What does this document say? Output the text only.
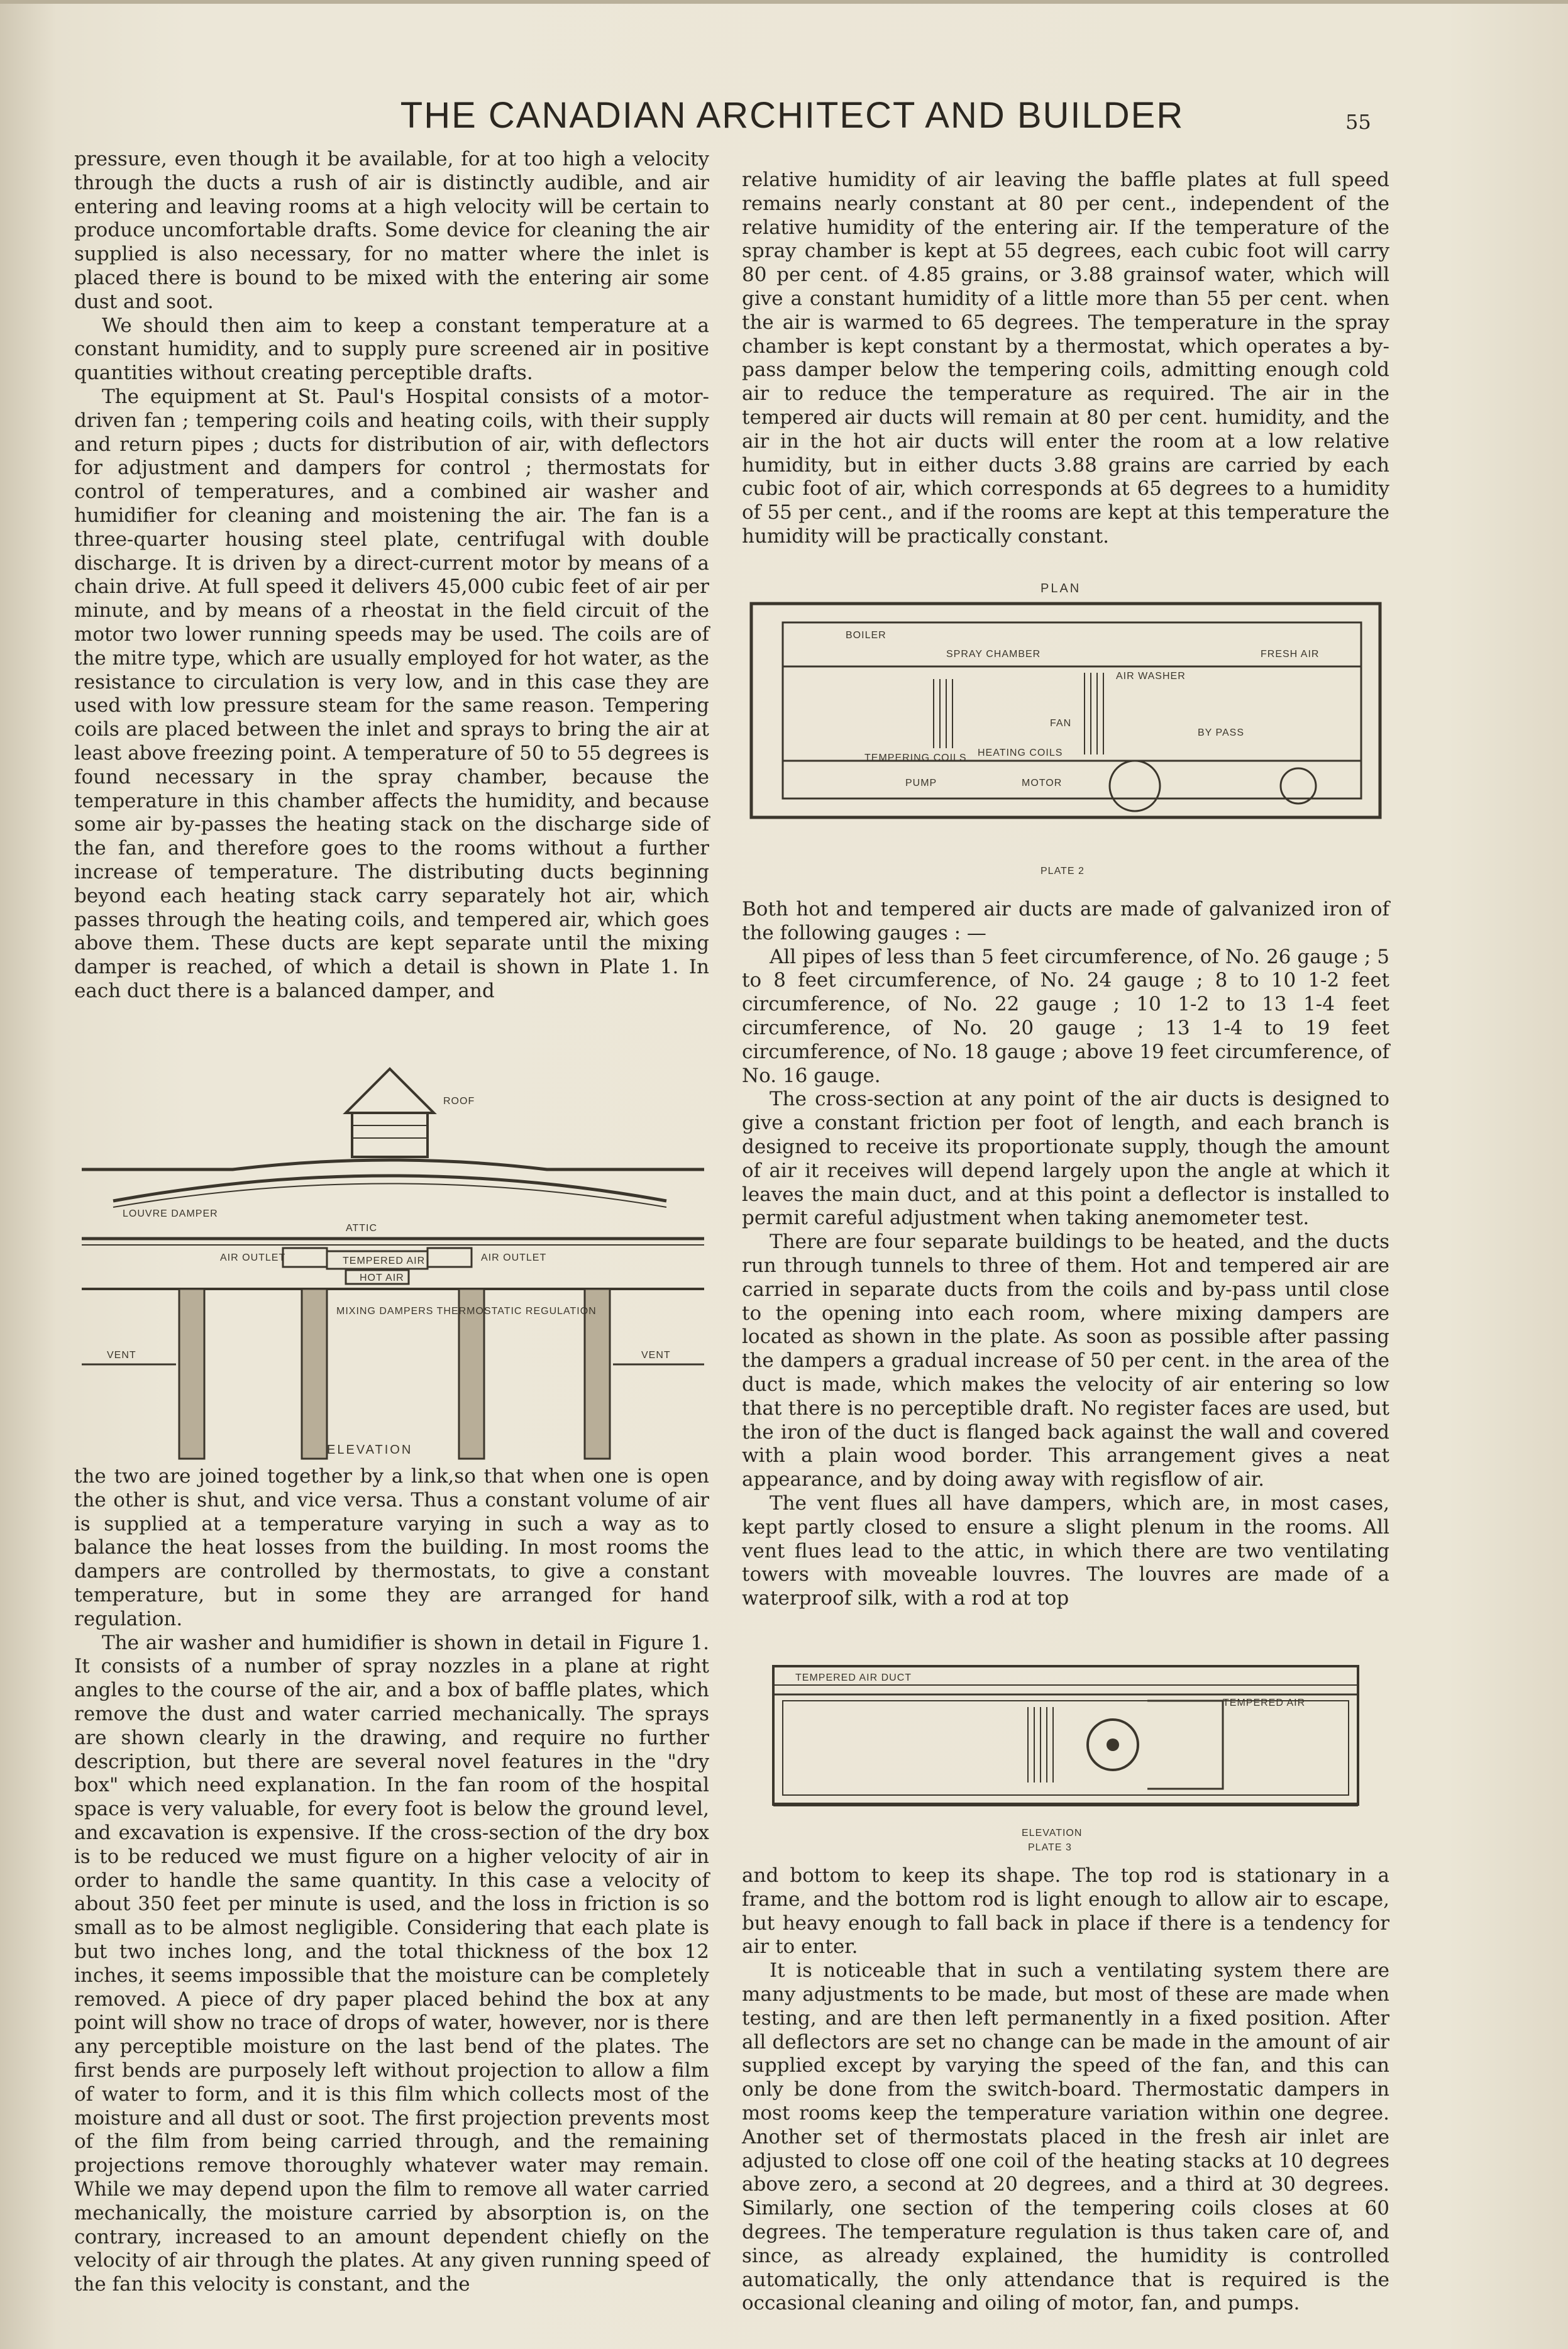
THE CANADIAN ARCHITECT AND BUILDER	55

pressure, even though it be available, for at too high a velocity through the ducts a rush of air is distinctly audible, and air entering and leaving rooms at a high velocity will be certain to produce uncomfortable drafts. Some device for cleaning the air supplied is also necessary, for no matter where the inlet is placed there is bound to be mixed with the entering air some dust and soot.

We should then aim to keep a constant temperature at a constant humidity, and to supply pure screened air in positive quantities without creating perceptible drafts.

The equipment at St. Paul's Hospital consists of a motor-driven fan ; tempering coils and heating coils, with their supply and return pipes ; ducts for distribution of air, with deflectors for adjustment and dampers for control ; thermostats for control of temperatures, and a combined air washer and humidifier for cleaning and moistening the air. The fan is a three-quarter housing steel plate, centrifugal with double discharge. It is driven by a direct-current motor by means of a chain drive. At full speed it delivers 45,000 cubic feet of air per minute, and by means of a rheostat in the field circuit of the motor two lower running speeds may be used. The coils are of the mitre type, which are usually employed for hot water, as the resistance to circulation is very low, and in this case they are used with low pressure steam for the same reason. Tempering coils are placed between the inlet and sprays to bring the air at least above freezing point. A temperature of 50 to 55 degrees is found necessary in the spray chamber, because the temperature in this chamber affects the humidity, and because some air by-passes the heating stack on the discharge side of the fan, and therefore goes to the rooms without a further increase of temperature. The distributing ducts beginning beyond each heating stack carry separately hot air, which passes through the heating coils, and tempered air, which goes above them. These ducts are kept separate until the mixing damper is reached, of which a detail is shown in Plate 1. In each duct there is a balanced damper, and

ROOF
LOUVRE DAMPER
ATTIC
AIR OUTLET	AIR OUTLET
TEMPERED AIR
HOT AIR
MIXING DAMPERS THERMOSTATIC REGULATION
VENT	VENT
ELEVATION

the two are joined together by a link,so that when one is open the other is shut, and vice versa. Thus a constant volume of air is supplied at a temperature varying in such a way as to balance the heat losses from the building. In most rooms the dampers are controlled by thermostats, to give a constant temperature, but in some they are arranged for hand regulation.

The air washer and humidifier is shown in detail in Figure 1. It consists of a number of spray nozzles in a plane at right angles to the course of the air, and a box of baffle plates, which remove the dust and water carried mechanically. The sprays are shown clearly in the drawing, and require no further description, but there are several novel features in the "dry box" which need explanation. In the fan room of the hospital space is very valuable, for every foot is below the ground level, and excavation is expensive. If the cross-section of the dry box is to be reduced we must figure on a higher velocity of air in order to handle the same quantity. In this case a velocity of about 350 feet per minute is used, and the loss in friction is so small as to be almost negligible. Considering that each plate is but two inches long, and the total thickness of the box 12 inches, it seems impossible that the moisture can be completely removed. A piece of dry paper placed behind the box at any point will show no trace of drops of water, however, nor is there any perceptible moisture on the last bend of the plates. The first bends are purposely left without projection to allow a film of water to form, and it is this film which collects most of the moisture and all dust or soot. The first projection prevents most of the film from being carried through, and the remaining projections remove thoroughly whatever water may remain. While we may depend upon the film to remove all water carried mechanically, the moisture carried by absorption is, on the contrary, increased to an amount dependent chiefly on the velocity of air through the plates. At any given running speed of the fan this velocity is constant, and the

relative humidity of air leaving the baffle plates at full speed remains nearly constant at 80 per cent., independent of the relative humidity of the entering air. If the temperature of the spray chamber is kept at 55 degrees, each cubic foot will carry 80 per cent. of 4.85 grains, or 3.88 grainsof water, which will give a constant humidity of a little more than 55 per cent. when the air is warmed to 65 degrees. The temperature in the spray chamber is kept constant by a thermostat, which operates a by-pass damper below the tempering coils, admitting enough cold air to reduce the temperature as required. The air in the tempered air ducts will remain at 80 per cent. humidity, and the air in the hot air ducts will enter the room at a low relative humidity, but in either ducts 3.88 grains are carried by each cubic foot of air, which corresponds at 65 degrees to a humidity of 55 per cent., and if the rooms are kept at this temperature the humidity will be practically constant.

PLAN
BOILER
SPRAY CHAMBER	FRESH AIR
FAN
TEMPERING COILS HEATING COILS
AIR WASHER
PUMP	MOTOR
BY PASS
PLATE 2

Both hot and tempered air ducts are made of galvanized iron of the following gauges : —

All pipes of less than 5 feet circumference, of No. 26 gauge ; 5 to 8 feet circumference, of No. 24 gauge ; 8 to 10 1-2 feet circumference, of No. 22 gauge ; 10 1-2 to 13 1-4 feet circumference, of No. 20 gauge ; 13 1-4 to 19 feet circumference, of No. 18 gauge ; above 19 feet circumference, of No. 16 gauge.

The cross-section at any point of the air ducts is designed to give a constant friction per foot of length, and each branch is designed to receive its proportionate supply, though the amount of air it receives will depend largely upon the angle at which it leaves the main duct, and at this point a deflector is installed to permit careful adjustment when taking anemometer test.

There are four separate buildings to be heated, and the ducts run through tunnels to three of them. Hot and tempered air are carried in separate ducts from the coils and by-pass until close to the opening into each room, where mixing dampers are located as shown in the plate. As soon as possible after passing the dampers a gradual increase of 50 per cent. in the area of the duct is made, which makes the velocity of air entering so low that there is no perceptible draft. No register faces are used, but the iron of the duct is flanged back against the wall and covered with a plain wood border. This arrangement gives a neat appearance, and by doing away with regisflow of air.

The vent flues all have dampers, which are, in most cases, kept partly closed to ensure a slight plenum in the rooms. All vent flues lead to the attic, in which there are two ventilating towers with moveable louvres. The louvres are made of a waterproof silk, with a rod at top

TEMPERED AIR DUCT
TEMPERED AIR
ELEVATION
PLATE 3

and bottom to keep its shape. The top rod is stationary in a frame, and the bottom rod is light enough to allow air to escape, but heavy enough to fall back in place if there is a tendency for air to enter.

It is noticeable that in such a ventilating system there are many adjustments to be made, but most of these are made when testing, and are then left permanently in a fixed position. After all deflectors are set no change can be made in the amount of air supplied except by varying the speed of the fan, and this can only be done from the switch-board. Thermostatic dampers in most rooms keep the temperature variation within one degree. Another set of thermostats placed in the fresh air inlet are adjusted to close off one coil of the heating stacks at 10 degrees above zero, a second at 20 degrees, and a third at 30 degrees. Similarly, one section of the tempering coils closes at 60 degrees. The temperature regulation is thus taken care of, and since, as already explained, the humidity is controlled automatically, the only attendance that is required is the occasional cleaning and oiling of motor, fan, and pumps.
